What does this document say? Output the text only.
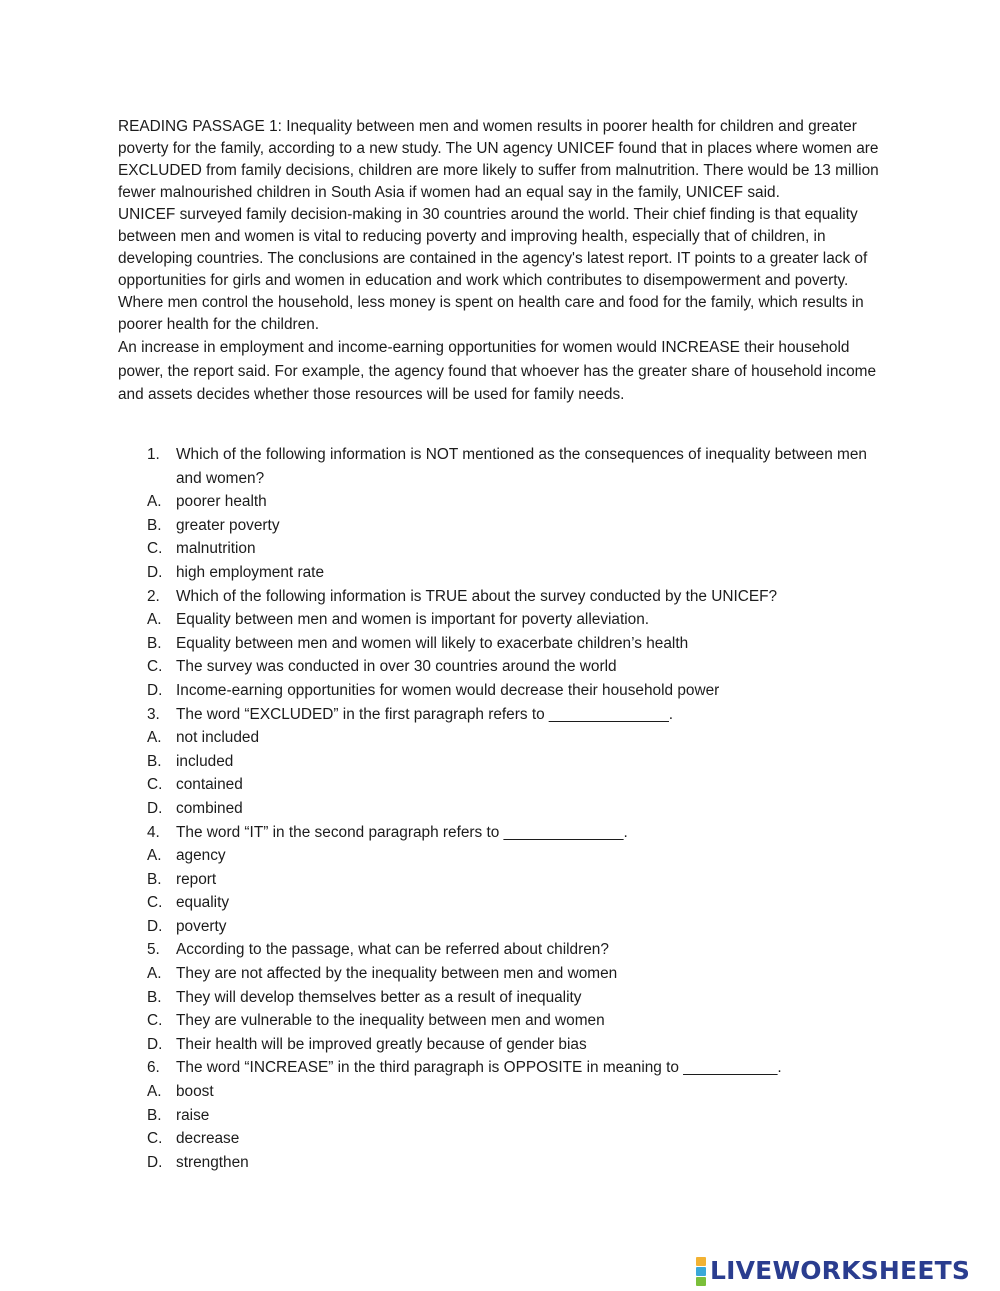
READING PASSAGE 1: Inequality between men and women results in poorer health for children and greater poverty for the family, according to a new study. The UN agency UNICEF found that in places where women are EXCLUDED from family decisions, children are more likely to suffer from malnutrition. There would be 13 million fewer malnourished children in South Asia if women had an equal say in the family, UNICEF said.

UNICEF surveyed family decision-making in 30 countries around the world. Their chief finding is that equality between men and women is vital to reducing poverty and improving health, especially that of children, in developing countries. The conclusions are contained in the agency's latest report. IT points to a greater lack of opportunities for girls and women in education and work which contributes to disempowerment and poverty. Where men control the household, less money is spent on health care and food for the family, which results in poorer health for the children.

An increase in employment and income-earning opportunities for women would INCREASE their household power, the report said. For example, the agency found that whoever has the greater share of household income and assets decides whether those resources will be used for family needs.

1. Which of the following information is NOT mentioned as the consequences of inequality between men and women?
A. poorer health
B. greater poverty
C. malnutrition
D. high employment rate
2. Which of the following information is TRUE about the survey conducted by the UNICEF?
A. Equality between men and women is important for poverty alleviation.
B. Equality between men and women will likely to exacerbate children’s health
C. The survey was conducted in over 30 countries around the world
D. Income-earning opportunities for women would decrease their household power
3. The word “EXCLUDED” in the first paragraph refers to ______________.
A. not included
B. included
C. contained
D. combined
4. The word “IT” in the second paragraph refers to ______________.
A. agency
B. report
C. equality
D. poverty
5. According to the passage, what can be referred about children?
A. They are not affected by the inequality between men and women
B. They will develop themselves better as a result of inequality
C. They are vulnerable to the inequality between men and women
D. Their health will be improved greatly because of gender bias
6. The word “INCREASE” in the third paragraph is OPPOSITE in meaning to ___________.
A. boost
B. raise
C. decrease
D. strengthen
LIVEWORKSHEETS
